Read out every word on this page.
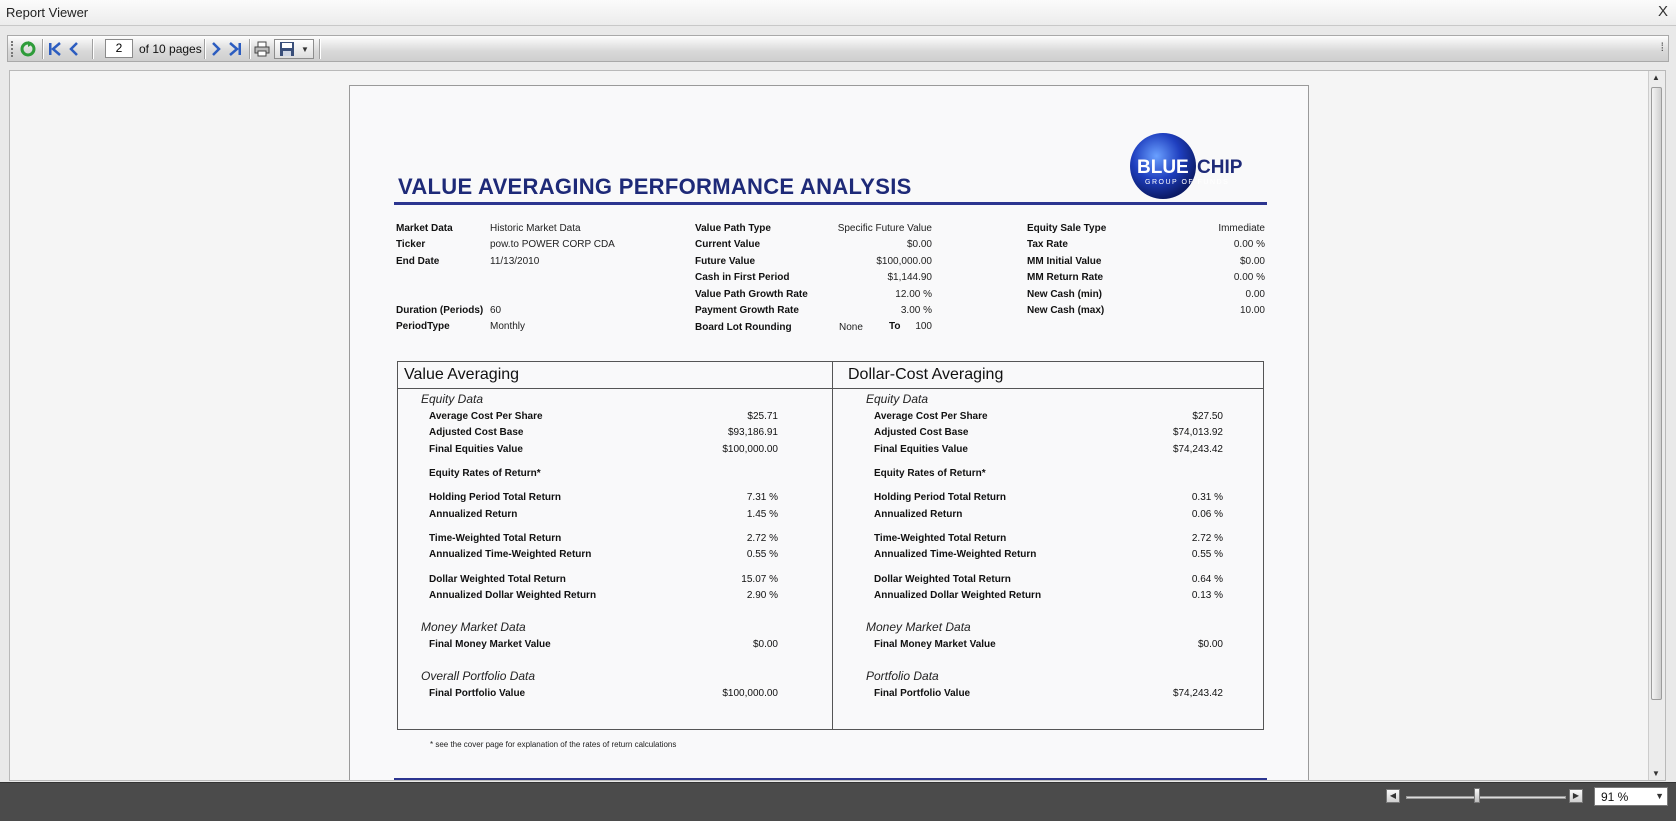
Report Viewer	X
2	of 10 pages	▼	⁞
BLUE CHIP
GROUP OF FUNDS
VALUE AVERAGING PERFORMANCE ANALYSIS
Market Data	Historic Market Data
Ticker	pow.to POWER CORP CDA
End Date	11/13/2010
Duration (Periods) 60
PeriodType	Monthly
Value Path Type	Specific Future Value
Current Value	$0.00
Future Value	$100,000.00
Cash in First Period	$1,144.90
Value Path Growth Rate	12.00 %
Payment Growth Rate	3.00 %
Board Lot Rounding	None	To 100
Equity Sale Type	Immediate
Tax Rate	0.00 %
MM Initial Value	$0.00
MM Return Rate	0.00 %
New Cash (min)	0.00
New Cash (max)	10.00
Value Averaging
Equity Data
Average Cost Per Share	$25.71
Adjusted Cost Base	$93,186.91
Final Equities Value	$100,000.00
Equity Rates of Return*
Holding Period Total Return	7.31 %
Annualized Return	1.45 %
Time-Weighted Total Return	2.72 %
Annualized Time-Weighted Return	0.55 %
Dollar Weighted Total Return	15.07 %
Annualized Dollar Weighted Return	2.90 %
Money Market Data
Final Money Market Value	$0.00
Overall Portfolio Data
Final Portfolio Value	$100,000.00
Dollar-Cost Averaging
Equity Data
Average Cost Per Share	$27.50
Adjusted Cost Base	$74,013.92
Final Equities Value	$74,243.42
Equity Rates of Return*
Holding Period Total Return	0.31 %
Annualized Return	0.06 %
Time-Weighted Total Return	2.72 %
Annualized Time-Weighted Return	0.55 %
Dollar Weighted Total Return	0.64 %
Annualized Dollar Weighted Return	0.13 %
Money Market Data
Final Money Market Value	$0.00
Portfolio Data
Final Portfolio Value	$74,243.42
* see the cover page for explanation of the rates of return calculations
▲
▼
◀	▶	91 %	▼
